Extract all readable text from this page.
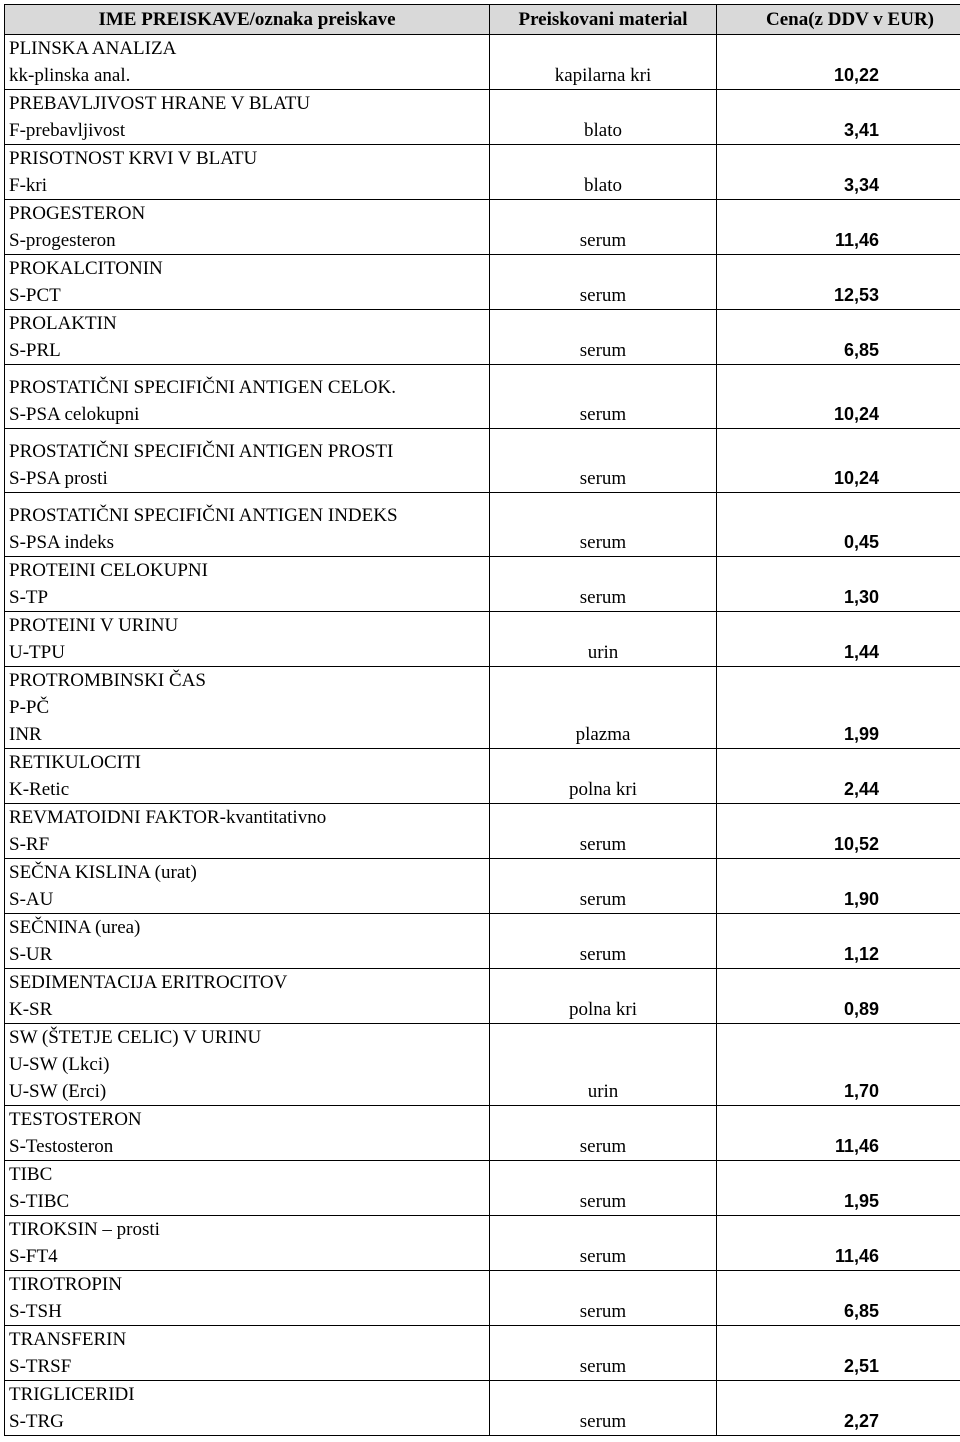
IME PREISKAVE/oznaka preiskave	Preiskovani material	Cena(z DDV v EUR)

PLINSKA ANALIZA
kk-plinska anal.	kapilarna kri	10,22

PREBAVLJIVOST HRANE V BLATU
F-prebavljivost	blato	3,41

PRISOTNOST KRVI V BLATU
F-kri	blato	3,34

PROGESTERON
S-progesteron	serum	11,46

PROKALCITONIN
S-PCT	serum	12,53

PROLAKTIN
S-PRL	serum	6,85

PROSTATIČNI SPECIFIČNI ANTIGEN CELOK.
S-PSA celokupni	serum	10,24

PROSTATIČNI SPECIFIČNI ANTIGEN PROSTI
S-PSA prosti	serum	10,24

PROSTATIČNI SPECIFIČNI ANTIGEN INDEKS
S-PSA indeks	serum	0,45

PROTEINI CELOKUPNI
S-TP	serum	1,30

PROTEINI V URINU
U-TPU	urin	1,44

PROTROMBINSKI ČAS
P-PČ
INR	plazma	1,99

RETIKULOCITI
K-Retic	polna kri	2,44

REVMATOIDNI FAKTOR-kvantitativno
S-RF	serum	10,52

SEČNA KISLINA (urat)
S-AU	serum	1,90

SEČNINA (urea)
S-UR	serum	1,12

SEDIMENTACIJA ERITROCITOV
K-SR	polna kri	0,89

SW (ŠTETJE CELIC) V URINU
U-SW (Lkci)
U-SW (Erci)	urin	1,70

TESTOSTERON
S-Testosteron	serum	11,46

TIBC
S-TIBC	serum	1,95

TIROKSIN – prosti
S-FT4	serum	11,46

TIROTROPIN
S-TSH	serum	6,85

TRANSFERIN
S-TRSF	serum	2,51

TRIGLICERIDI
S-TRG	serum	2,27
